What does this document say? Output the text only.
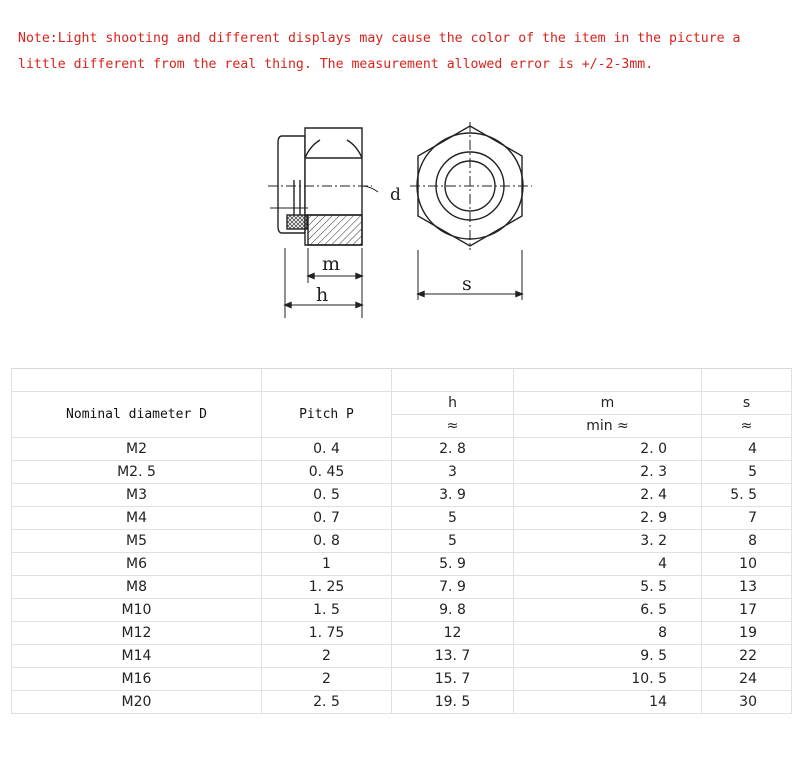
Note:Light shooting and different displays may cause the color of the item in the picture a little different from the real thing. The measurement allowed error is +/-2-3mm.

d
m
h	s

Nominal diameter D	Pitch P	h	m	s
		≈	min ≈	≈
M2	0. 4	2. 8	2. 0	4
M2. 5	0. 45	3	2. 3	5
M3	0. 5	3. 9	2. 4	5. 5
M4	0. 7	5	2. 9	7
M5	0. 8	5	3. 2	8
M6	1	5. 9	4	10
M8	1. 25	7. 9	5. 5	13
M10	1. 5	9. 8	6. 5	17
M12	1. 75	12	8	19
M14	2	13. 7	9. 5	22
M16	2	15. 7	10. 5	24
M20	2. 5	19. 5	14	30
